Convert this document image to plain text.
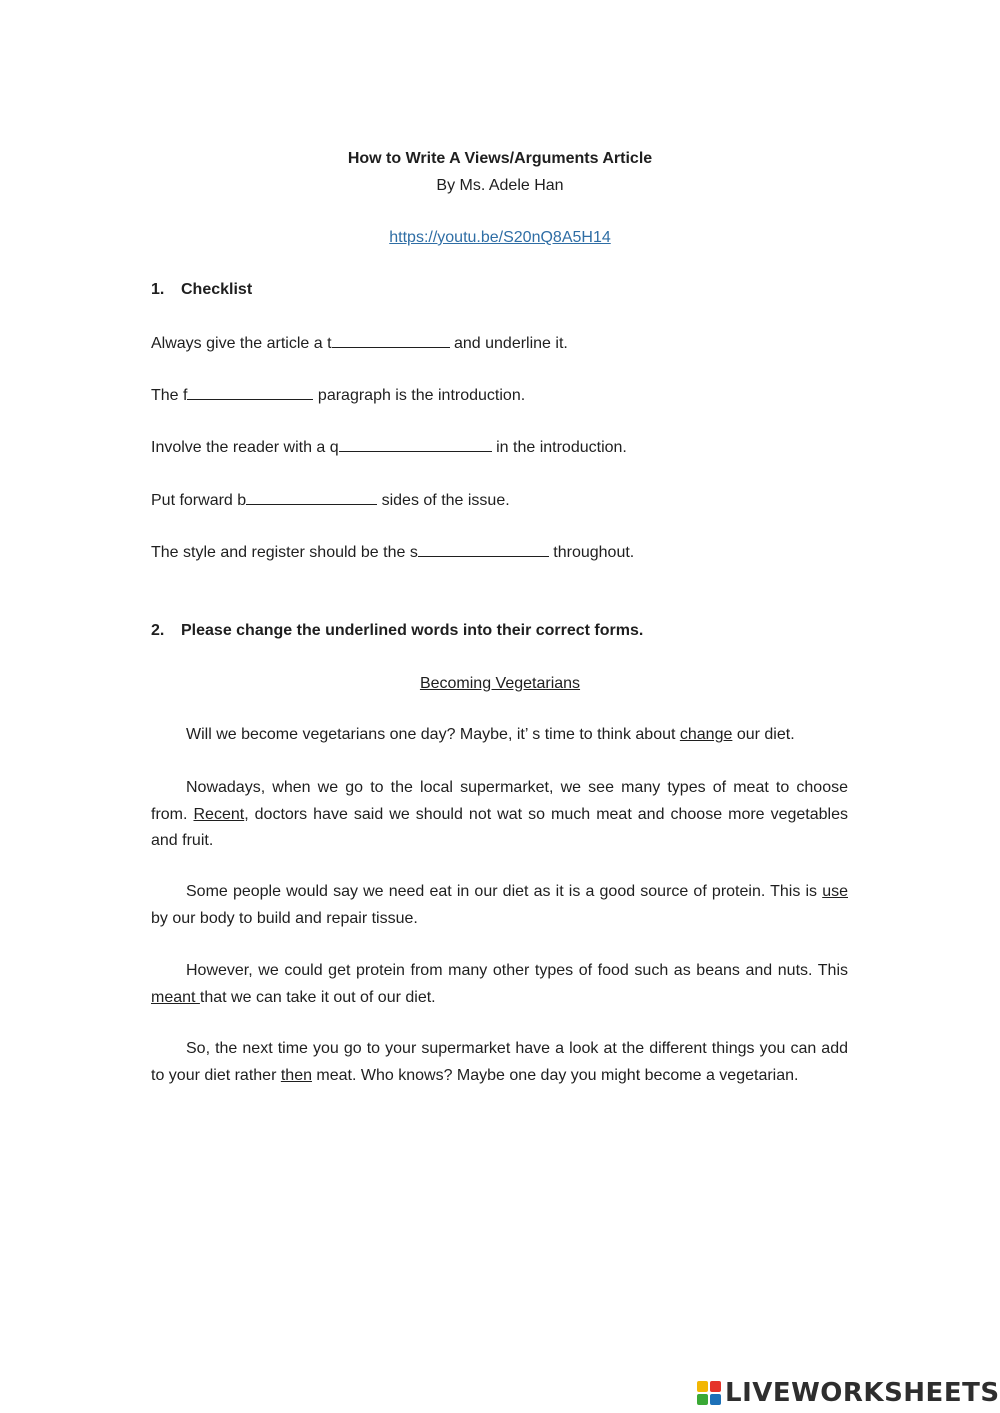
How to Write A Views/Arguments Article
By Ms. Adele Han
https://youtu.be/S20nQ8A5H14
1. Checklist
Always give the article a t	and underline it.
The f	paragraph is the introduction.
Involve the reader with a q	in the introduction.
Put forward b	sides of the issue.
The style and register should be the s	throughout.
2. Please change the underlined words into their correct forms.
Becoming Vegetarians
Will we become vegetarians one day? Maybe, it’ s time to think about change our diet.
Nowadays, when we go to the local supermarket, we see many types of meat to choose from. Recent, doctors have said we should not wat so much meat and choose more vegetables and fruit.
Some people would say we need eat in our diet as it is a good source of protein. This is use by our body to build and repair tissue.
However, we could get protein from many other types of food such as beans and nuts. This meant that we can take it out of our diet.
So, the next time you go to your supermarket have a look at the different things you can add to your diet rather then meat. Who knows? Maybe one day you might become a vegetarian.
LIVEWORKSHEETS
